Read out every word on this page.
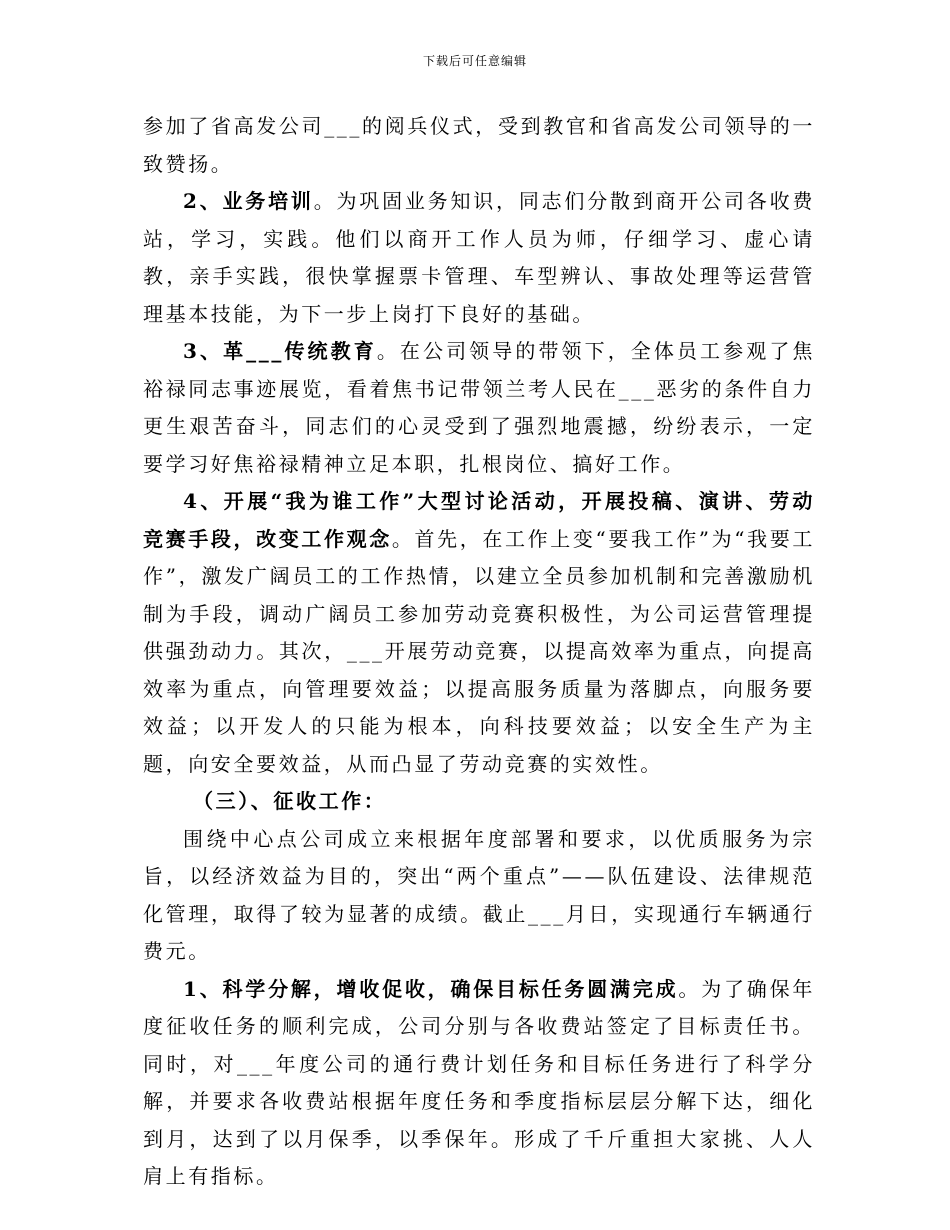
下载后可任意编辑

参加了省高发公司___的阅兵仪式，受到教官和省高发公司领导的一致赞扬。

2、业务培训。为巩固业务知识，同志们分散到商开公司各收费站，学习，实践。他们以商开工作人员为师，仔细学习、虚心请教，亲手实践，很快掌握票卡管理、车型辨认、事故处理等运营管理基本技能，为下一步上岗打下良好的基础。

3、革___传统教育。在公司领导的带领下，全体员工参观了焦裕禄同志事迹展览，看着焦书记带领兰考人民在___恶劣的条件自力更生艰苦奋斗，同志们的心灵受到了强烈地震撼，纷纷表示，一定要学习好焦裕禄精神立足本职，扎根岗位、搞好工作。

4、开展“我为谁工作”大型讨论活动，开展投稿、演讲、劳动竞赛手段，改变工作观念。首先，在工作上变“要我工作”为“我要工作”，激发广阔员工的工作热情，以建立全员参加机制和完善激励机制为手段，调动广阔员工参加劳动竞赛积极性，为公司运营管理提供强劲动力。其次，___开展劳动竞赛，以提高效率为重点，向提高效率为重点，向管理要效益；以提高服务质量为落脚点，向服务要效益；以开发人的只能为根本，向科技要效益；以安全生产为主题，向安全要效益，从而凸显了劳动竞赛的实效性。

（三）、征收工作：

围绕中心点公司成立来根据年度部署和要求，以优质服务为宗旨，以经济效益为目的，突出“两个重点”——队伍建设、法律规范化管理，取得了较为显著的成绩。截止___月日，实现通行车辆通行费元。

1、科学分解，增收促收，确保目标任务圆满完成。为了确保年度征收任务的顺利完成，公司分别与各收费站签定了目标责任书。同时，对___年度公司的通行费计划任务和目标任务进行了科学分解，并要求各收费站根据年度任务和季度指标层层分解下达，细化到月，达到了以月保季，以季保年。形成了千斤重担大家挑、人人肩上有指标。
